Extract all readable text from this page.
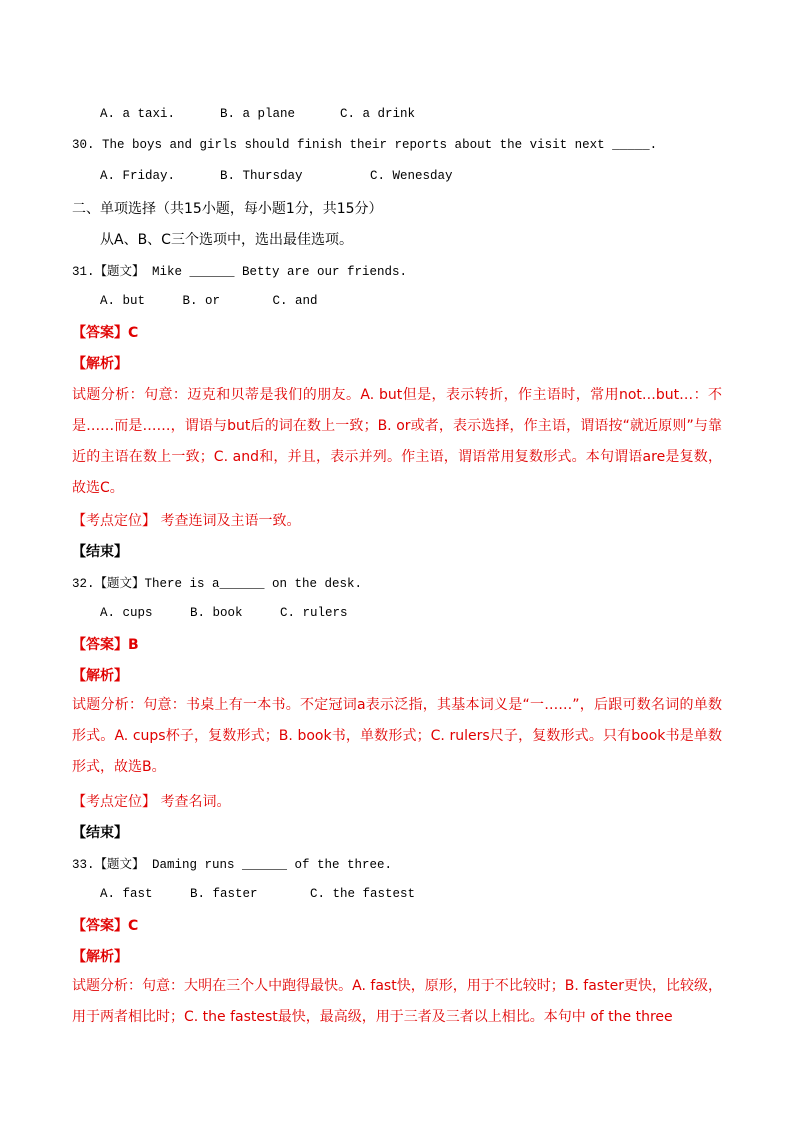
A. a taxi.      B. a plane      C. a drink
30. The boys and girls should finish their reports about the visit next _____.
A. Friday.      B. Thursday         C. Wenesday
二、单项选择（共15小题，每小题1分，共15分）
从A、B、C三个选项中，选出最佳选项。
31.【题文】 Mike ______ Betty are our friends.
A. but     B. or       C. and
【答案】C
【解析】
试题分析：句意：迈克和贝蒂是我们的朋友。A. but但是，表示转折，作主语时，常用not…but…：不是……而是……，谓语与but后的词在数上一致；B. or或者，表示选择，作主语，谓语按“就近原则”与靠近的主语在数上一致；C. and和，并且，表示并列。作主语，谓语常用复数形式。本句谓语are是复数，故选C。
【考点定位】 考查连词及主语一致。
【结束】
32.【题文】There is a______ on the desk.
A. cups     B. book     C. rulers
【答案】B
【解析】
试题分析：句意：书桌上有一本书。不定冠词a表示泛指，其基本词义是“一……”，后跟可数名词的单数形式。A. cups杯子，复数形式；B. book书，单数形式；C. rulers尺子，复数形式。只有book书是单数形式，故选B。
【考点定位】 考查名词。
【结束】
33.【题文】 Daming runs ______ of the three.
A. fast     B. faster       C. the fastest
【答案】C
【解析】
试题分析：句意：大明在三个人中跑得最快。A. fast快，原形，用于不比较时；B. faster更快，比较级，用于两者相比时；C. the fastest最快，最高级，用于三者及三者以上相比。本句中 of the three
